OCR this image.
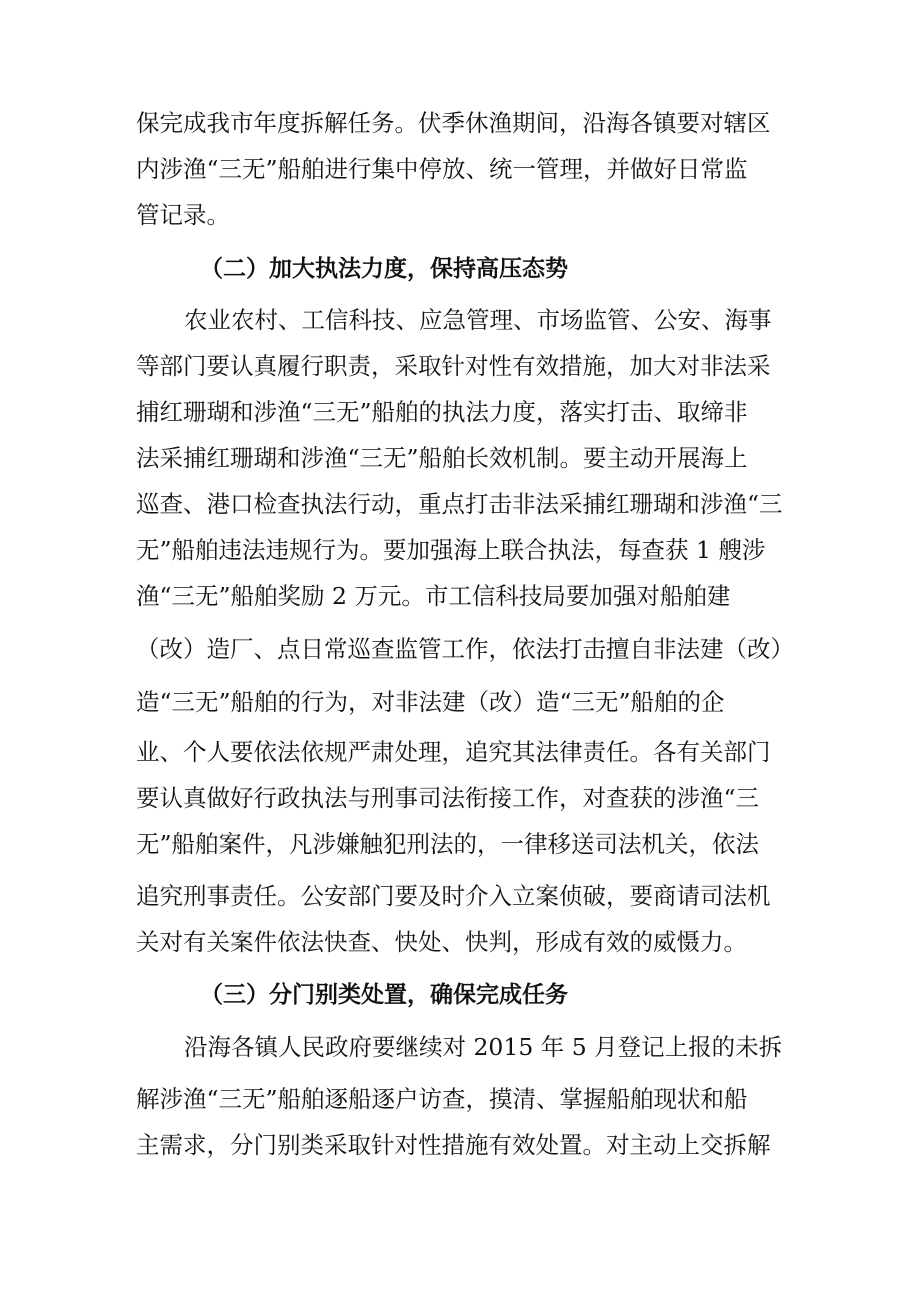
保完成我市年度拆解任务。伏季休渔期间，沿海各镇要对辖区
内涉渔“三无”船舶进行集中停放、统一管理，并做好日常监
管记录。
（二）加大执法力度，保持高压态势
农业农村、工信科技、应急管理、市场监管、公安、海事
等部门要认真履行职责，采取针对性有效措施，加大对非法采
捕红珊瑚和涉渔“三无”船舶的执法力度，落实打击、取缔非
法采捕红珊瑚和涉渔“三无”船舶长效机制。要主动开展海上
巡查、港口检查执法行动，重点打击非法采捕红珊瑚和涉渔“三
无”船舶违法违规行为。要加强海上联合执法，每查获 1 艘涉
渔“三无”船舶奖励 2 万元。市工信科技局要加强对船舶建
（改）造厂、点日常巡查监管工作，依法打击擅自非法建（改）
造“三无”船舶的行为，对非法建（改）造“三无”船舶的企
业、个人要依法依规严肃处理，追究其法律责任。各有关部门
要认真做好行政执法与刑事司法衔接工作，对查获的涉渔“三
无”船舶案件，凡涉嫌触犯刑法的，一律移送司法机关，依法
追究刑事责任。公安部门要及时介入立案侦破，要商请司法机
关对有关案件依法快查、快处、快判，形成有效的威慑力。
（三）分门别类处置，确保完成任务
沿海各镇人民政府要继续对 2015 年 5 月登记上报的未拆
解涉渔“三无”船舶逐船逐户访查，摸清、掌握船舶现状和船
主需求，分门别类采取针对性措施有效处置。对主动上交拆解
